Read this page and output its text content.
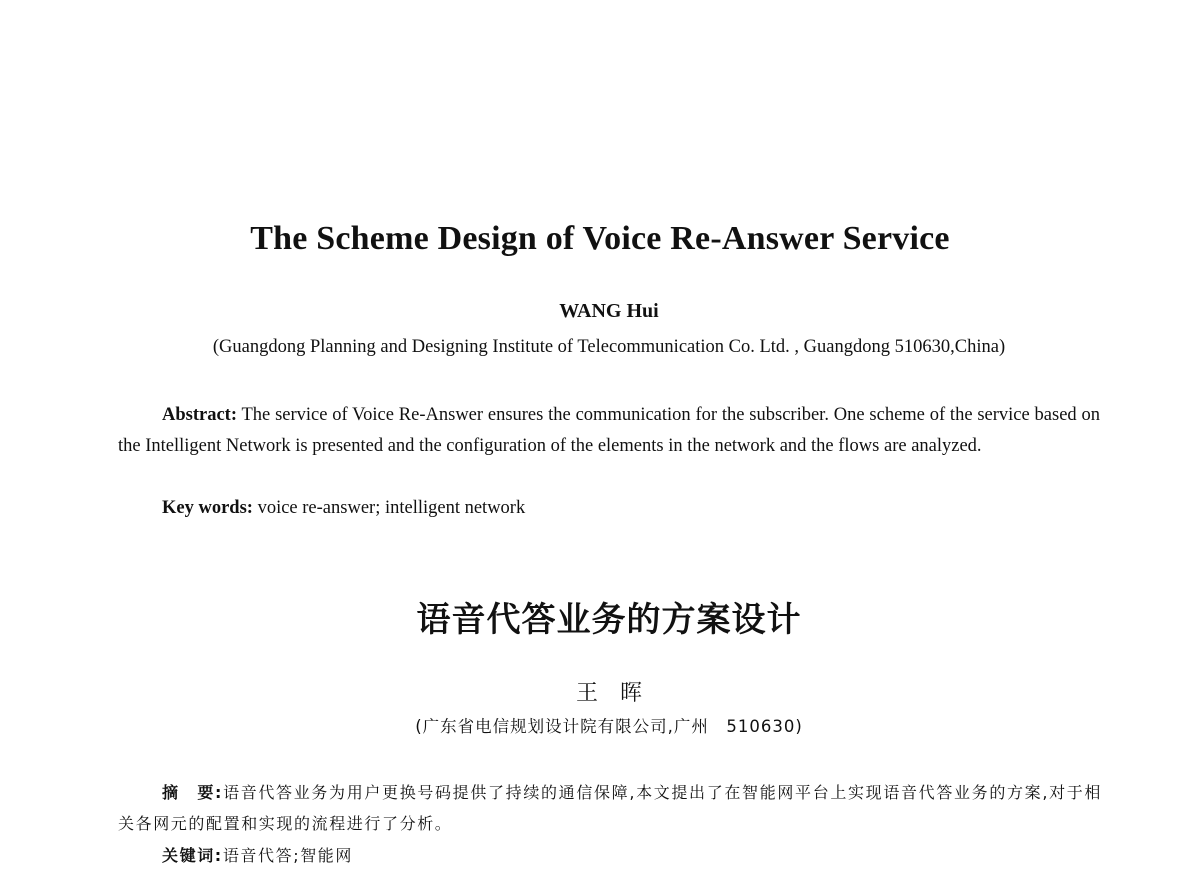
The Scheme Design of Voice Re-Answer Service
WANG Hui
(Guangdong Planning and Designing Institute of Telecommunication Co. Ltd. , Guangdong 510630,China)
Abstract: The service of Voice Re-Answer ensures the communication for the subscriber. One scheme of the service based on the Intelligent Network is presented and the configuration of the elements in the network and the flows are analyzed.
Key words: voice re-answer; intelligent network
语音代答业务的方案设计
王　晖
(广东省电信规划设计院有限公司,广州　510630)
摘　要:语音代答业务为用户更换号码提供了持续的通信保障,本文提出了在智能网平台上实现语音代答业务的方案,对于相关各网元的配置和实现的流程进行了分析。
关键词:语音代答;智能网
